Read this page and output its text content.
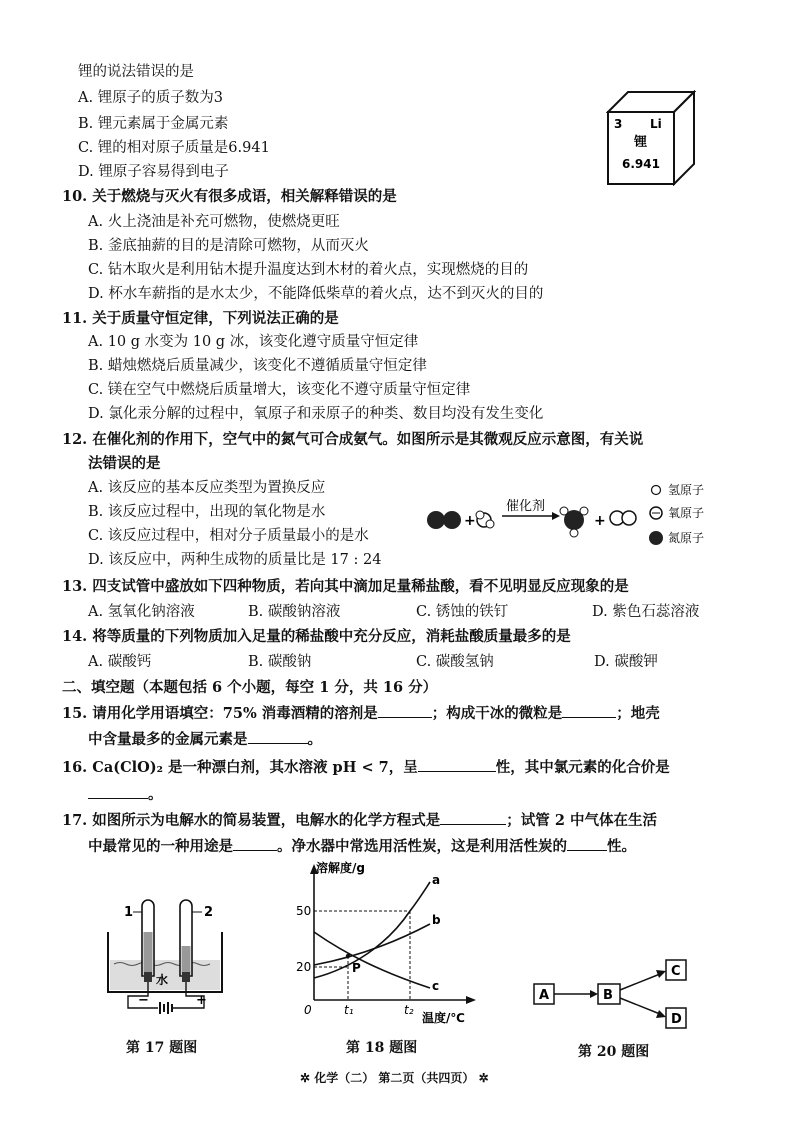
锂的说法错误的是
A. 锂原子的质子数为3
B. 锂元素属于金属元素
C. 锂的相对原子质量是6.941
D. 锂原子容易得到电子
3 Li
锂
6.941
10. 关于燃烧与灭火有很多成语，相关解释错误的是
A. 火上浇油是补充可燃物，使燃烧更旺
B. 釜底抽薪的目的是清除可燃物，从而灭火
C. 钻木取火是利用钻木提升温度达到木材的着火点，实现燃烧的目的
D. 杯水车薪指的是水太少，不能降低柴草的着火点，达不到灭火的目的
11. 关于质量守恒定律，下列说法正确的是
A. 10 g 水变为 10 g 冰，该变化遵守质量守恒定律
B. 蜡烛燃烧后质量减少，该变化不遵循质量守恒定律
C. 镁在空气中燃烧后质量增大，该变化不遵守质量守恒定律
D. 氯化汞分解的过程中，氧原子和汞原子的种类、数目均没有发生变化
12. 在催化剂的作用下，空气中的氮气可合成氨气。如图所示是其微观反应示意图，有关说
法错误的是
A. 该反应的基本反应类型为置换反应
B. 该反应过程中，出现的氧化物是水
C. 该反应过程中，相对分子质量最小的是水
D. 该反应中，两种生成物的质量比是 17 : 24
+
催化剂
+
氢原子
氧原子
氮原子
13. 四支试管中盛放如下四种物质，若向其中滴加足量稀盐酸，看不见明显反应现象的是
A. 氢氧化钠溶液	B. 碳酸钠溶液	C. 锈蚀的铁钉	D. 紫色石蕊溶液
14. 将等质量的下列物质加入足量的稀盐酸中充分反应，消耗盐酸质量最多的是
A. 碳酸钙	B. 碳酸钠	C. 碳酸氢钠	D. 碳酸钾
二、填空题（本题包括 6 个小题，每空 1 分，共 16 分）
15. 请用化学用语填空：75% 消毒酒精的溶剂是	；构成干冰的微粒是	；地壳
中含量最多的金属元素是	。
16. Ca(ClO)₂ 是一种漂白剂，其水溶液 pH < 7，呈	性，其中氯元素的化合价是
。
17. 如图所示为电解水的简易装置，电解水的化学方程式是	；试管 2 中气体在生活
中最常见的一种用途是	。净水器中常选用活性炭，这是利用活性炭的	性。
1	2
水
−	+
第 17 题图
溶解度/g
温度/℃
0
50
20
t₁	t₂
a
b
c
P
第 18 题图
A	B
C
D
第 20 题图
✲ 化学（二） 第二页（共四页） ✲
